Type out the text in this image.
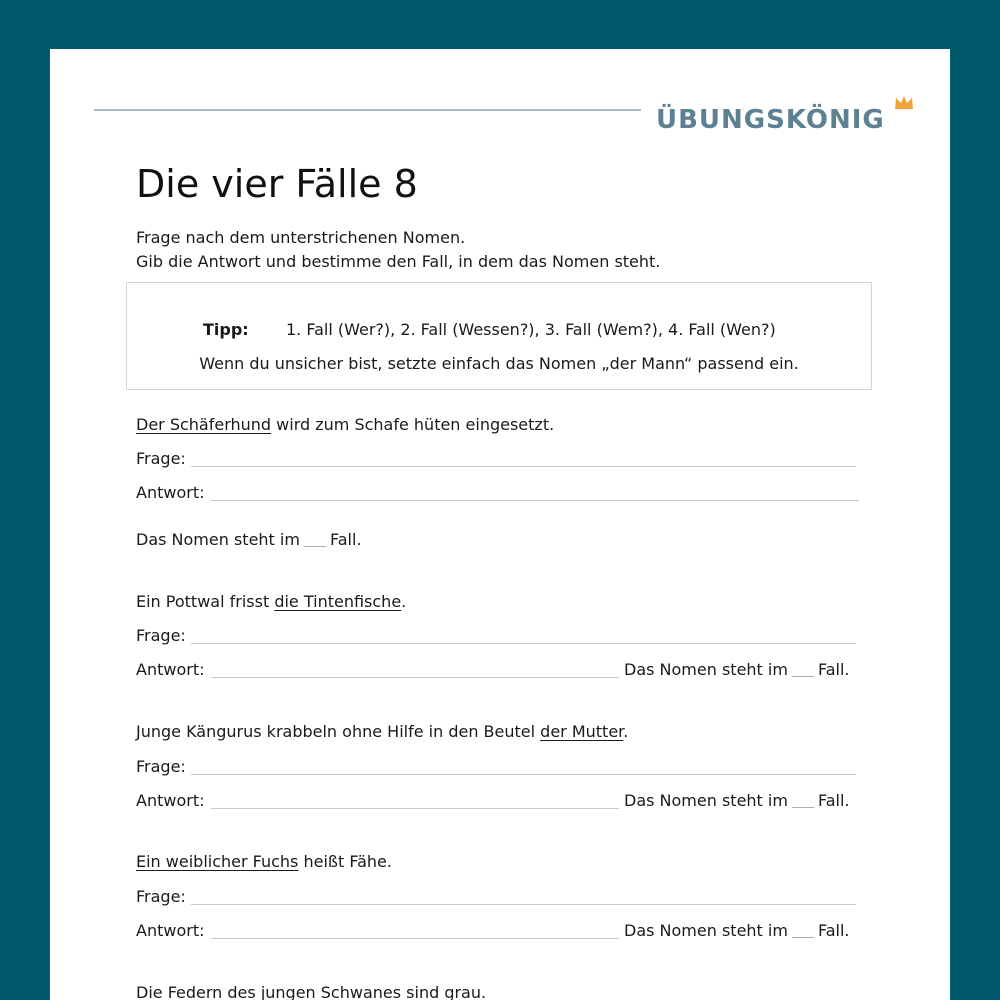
ÜBUNGSKÖNIG
Die vier Fälle 8
Frage nach dem unterstrichenen Nomen.
Gib die Antwort und bestimme den Fall, in dem das Nomen steht.
Tipp: 1. Fall (Wer?), 2. Fall (Wessen?), 3. Fall (Wem?), 4. Fall (Wen?)
Wenn du unsicher bist, setzte einfach das Nomen „der Mann“ passend ein.
Der Schäferhund wird zum Schafe hüten eingesetzt.
Frage:
Antwort:
Das Nomen steht im Fall.
Ein Pottwal frisst die Tintenfische.
Frage:
Antwort:	Das Nomen steht im Fall.
Junge Kängurus krabbeln ohne Hilfe in den Beutel der Mutter.
Frage:
Antwort:	Das Nomen steht im Fall.
Ein weiblicher Fuchs heißt Fähe.
Frage:
Antwort:	Das Nomen steht im Fall.
Die Federn des jungen Schwanes sind grau.
